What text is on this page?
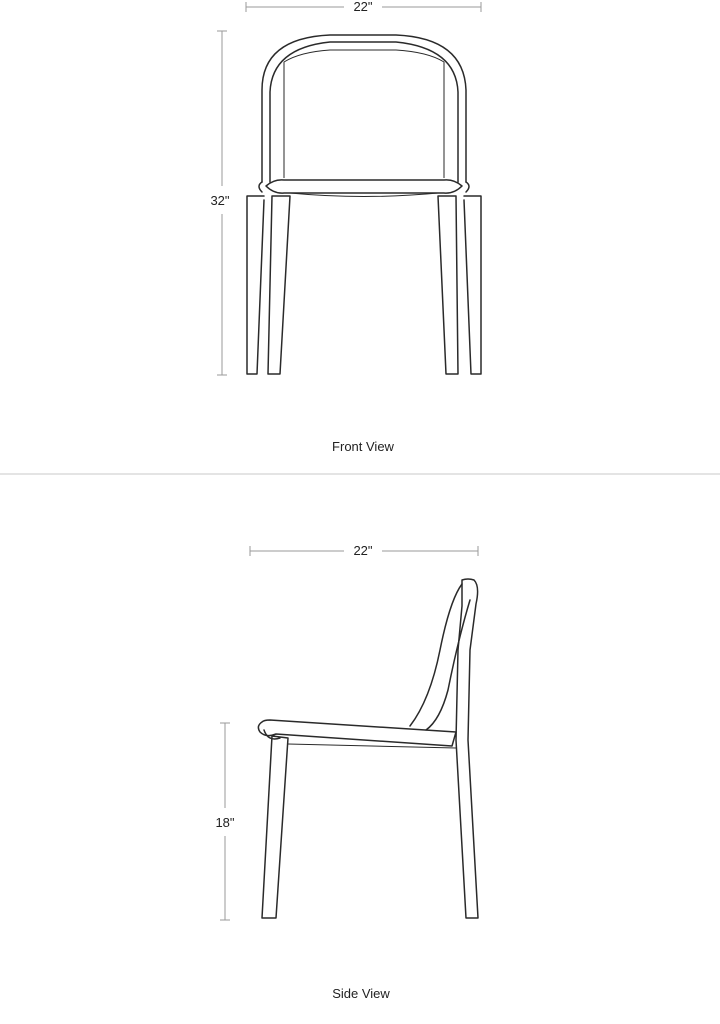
22"
32"
Front View
22"
18"
Side View
